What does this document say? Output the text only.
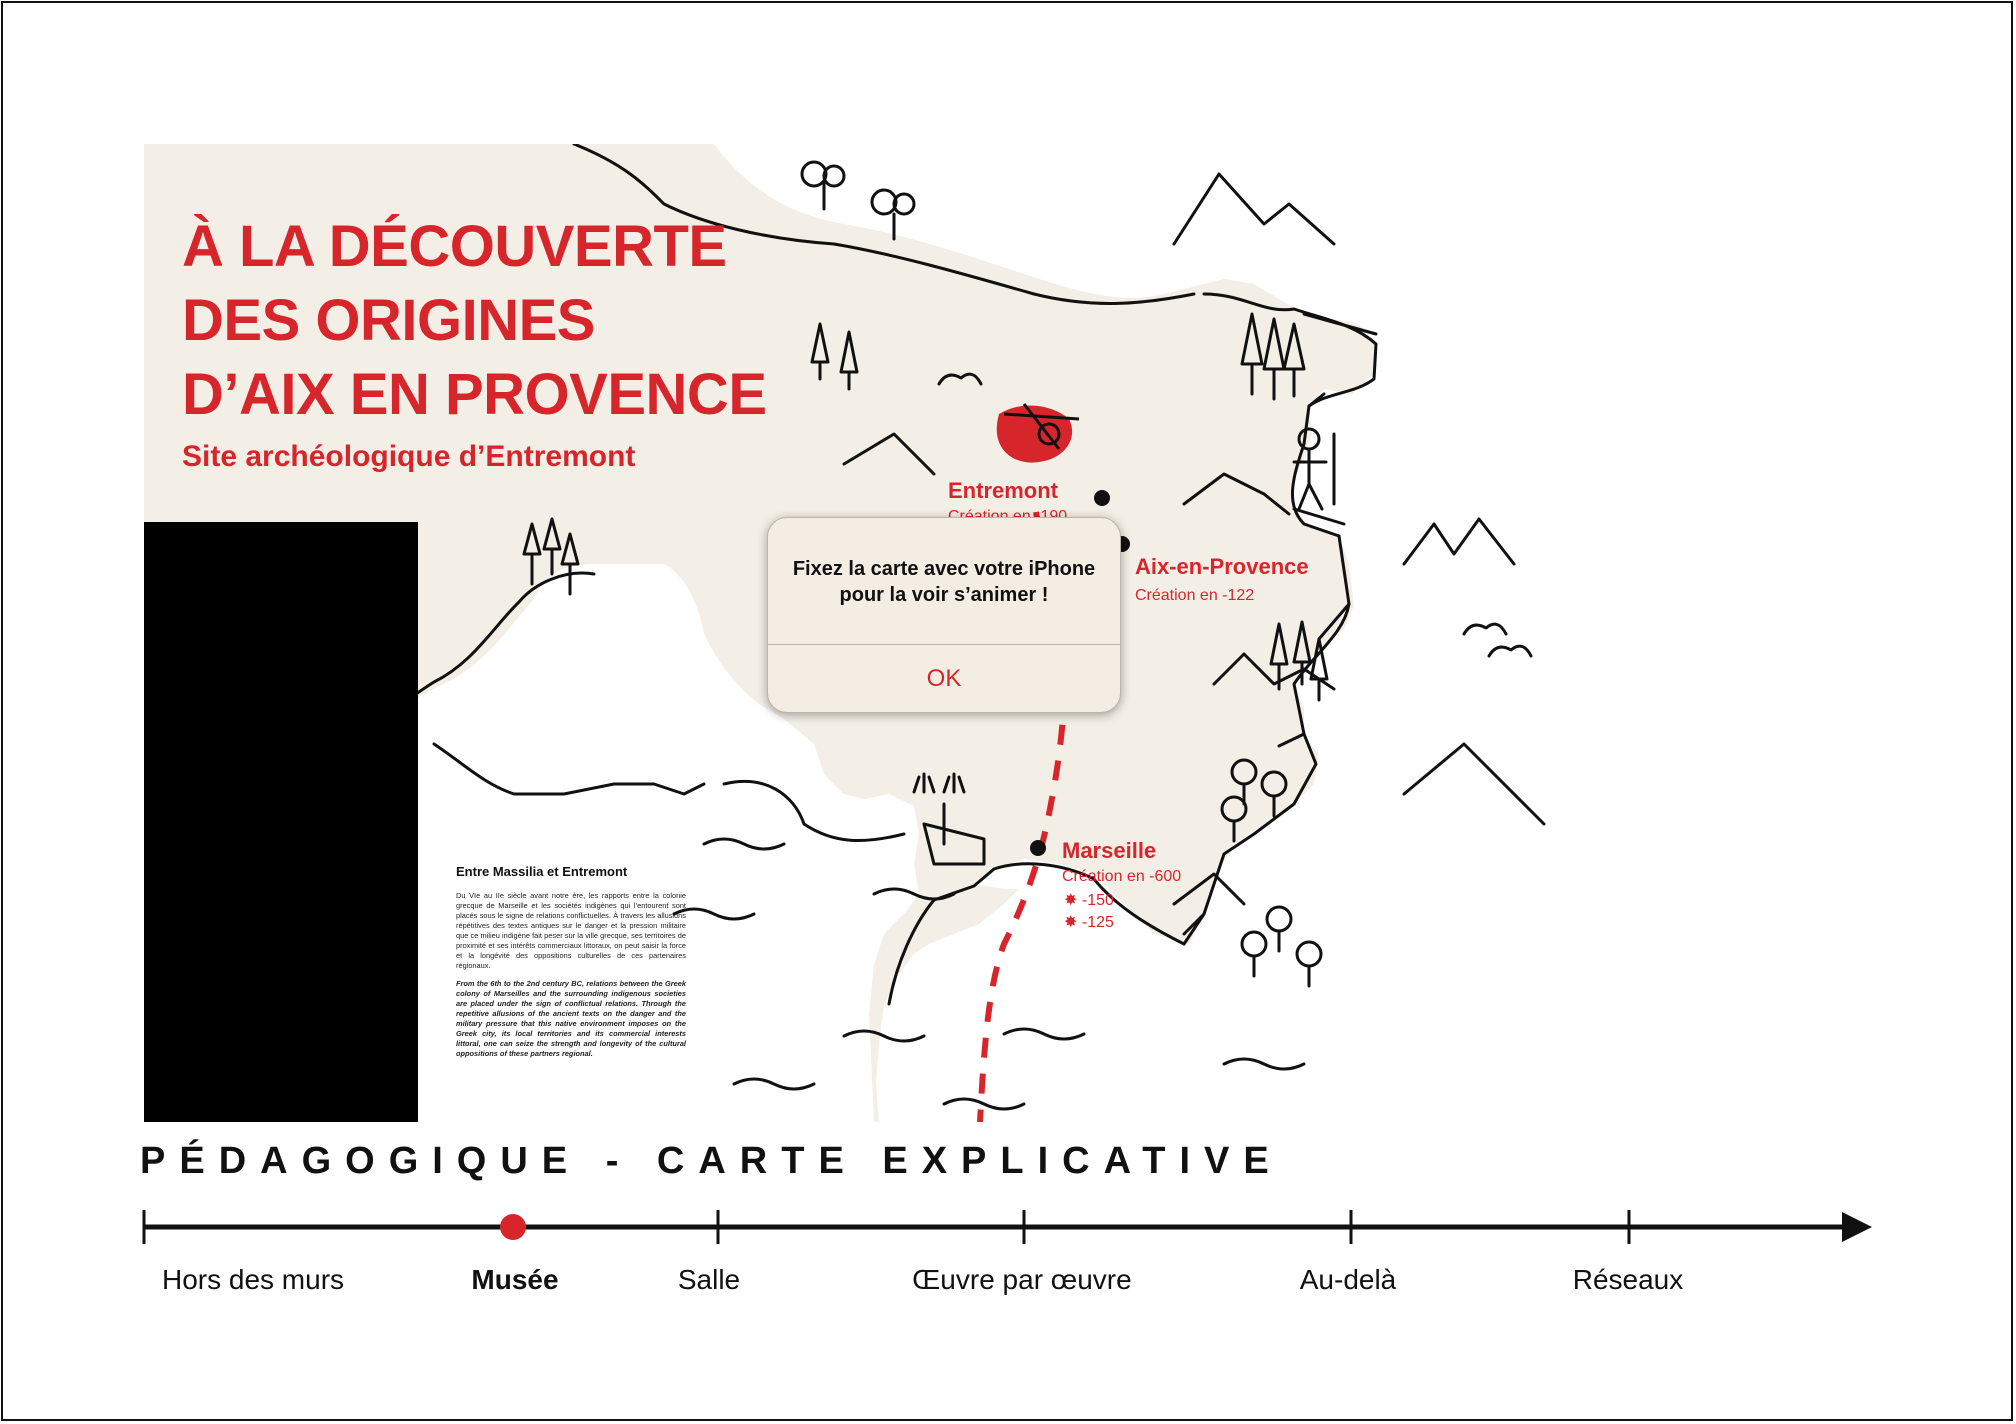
À LA DÉCOUVERTE
DES ORIGINES
D’AIX EN PROVENCE
Site archéologique d’Entremont
Entremont
Aix-en-Provence
Création en -122
Marseille
Création en -600
✸ -150
✸ -125
Entre Massilia et Entremont
Du VIe au IIe siècle avant notre ère, les rapports entre la colonie grecque de Marseille et les sociétés indigènes qui l’entourent sont placés sous le signe de relations conflictuelles. À travers les allusions répétitives des textes antiques sur le danger et la pression militaire que ce milieu indigène fait peser sur la ville grecque, ses territoires de proximité et ses intérêts commerciaux littoraux, on peut saisir la force et la longévité des oppositions culturelles de ces partenaires régionaux.
From the 6th to the 2nd century BC, relations between the Greek colony of Marseilles and the surrounding indigenous societies are placed under the sign of conflictual relations. Through the repetitive allusions of the ancient texts on the danger and the military pressure that this native environment imposes on the Greek city, its local territories and its commercial interests littoral, one can seize the strength and longevity of the cultural oppositions of these partners regional.
Fixez la carte avec votre iPhone
pour la voir s’animer !
OK
PÉDAGOGIQUE - CARTE EXPLICATIVE
Hors des murs	Musée	Salle	Œuvre par œuvre	Au-delà	Réseaux
